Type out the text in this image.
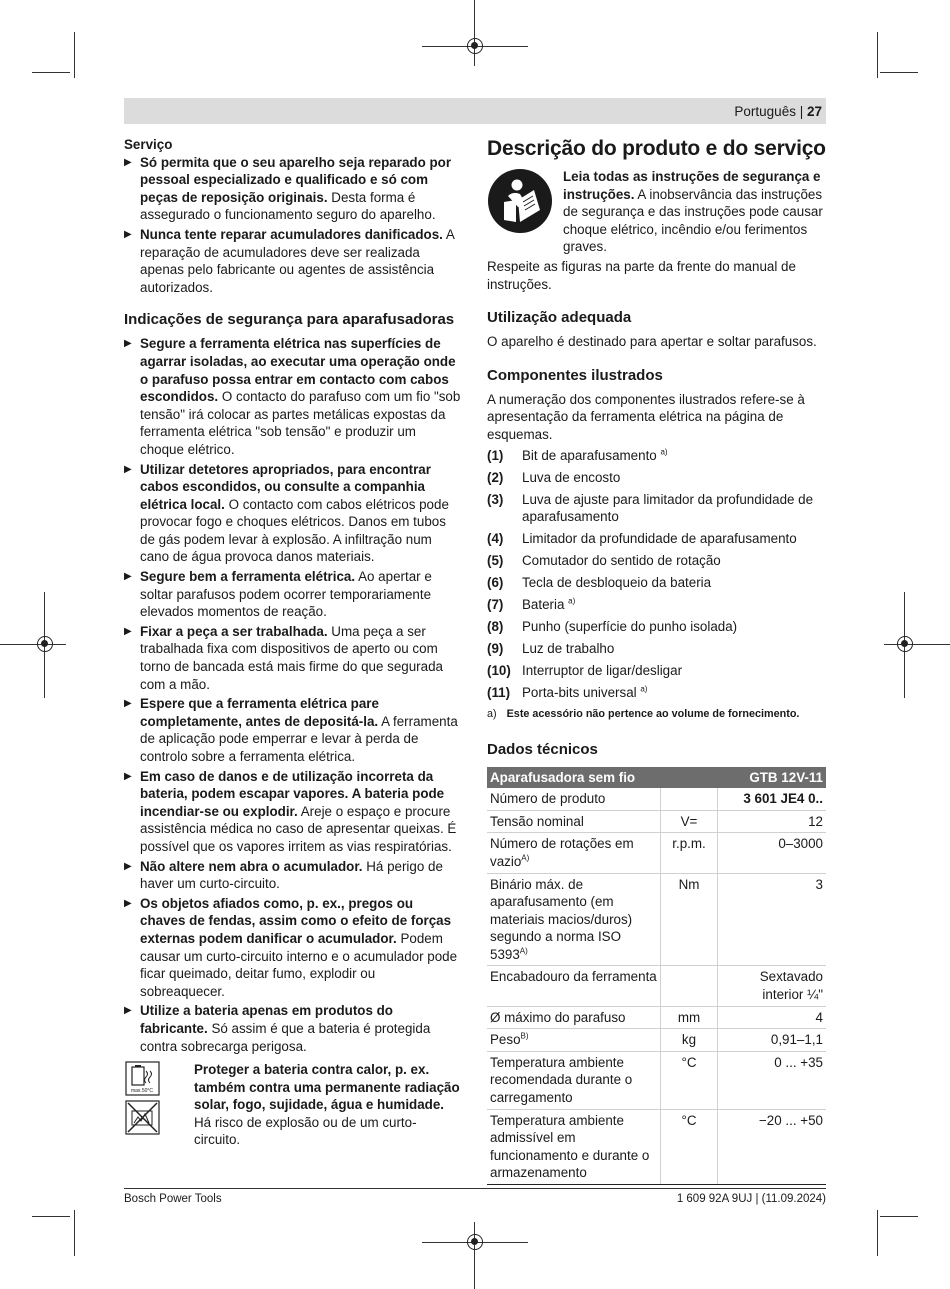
Português | 27
Serviço

▶ Só permita que o seu aparelho seja reparado por pessoal especializado e qualificado e só com peças de reposição originais. Desta forma é assegurado o funcionamento seguro do aparelho.

▶ Nunca tente reparar acumuladores danificados. A reparação de acumuladores deve ser realizada apenas pelo fabricante ou agentes de assistência autorizados.

Indicações de segurança para aparafusadoras

▶ Segure a ferramenta elétrica nas superfícies de agarrar isoladas, ao executar uma operação onde o parafuso possa entrar em contacto com cabos escondidos. O contacto do parafuso com um fio "sob tensão" irá colocar as partes metálicas expostas da ferramenta elétrica "sob tensão" e produzir um choque elétrico.

▶ Utilizar detetores apropriados, para encontrar cabos escondidos, ou consulte a companhia elétrica local. O contacto com cabos elétricos pode provocar fogo e choques elétricos. Danos em tubos de gás podem levar à explosão. A infiltração num cano de água provoca danos materiais.

▶ Segure bem a ferramenta elétrica. Ao apertar e soltar parafusos podem ocorrer temporariamente elevados momentos de reação.

▶ Fixar a peça a ser trabalhada. Uma peça a ser trabalhada fixa com dispositivos de aperto ou com torno de bancada está mais firme do que segurada com a mão.

▶ Espere que a ferramenta elétrica pare completamente, antes de depositá-la. A ferramenta de aplicação pode emperrar e levar à perda de controlo sobre a ferramenta elétrica.

▶ Em caso de danos e de utilização incorreta da bateria, podem escapar vapores. A bateria pode incendiar-se ou explodir. Areje o espaço e procure assistência médica no caso de apresentar queixas. É possível que os vapores irritem as vias respiratórias.

▶ Não altere nem abra o acumulador. Há perigo de haver um curto-circuito.

▶ Os objetos afiados como, p. ex., pregos ou chaves de fendas, assim como o efeito de forças externas podem danificar o acumulador. Podem causar um curto-circuito interno e o acumulador pode ficar queimado, deitar fumo, explodir ou sobreaquecer.

▶ Utilize a bateria apenas em produtos do fabricante. Só assim é que a bateria é protegida contra sobrecarga perigosa.

max.50°C

Proteger a bateria contra calor, p. ex. também contra uma permanente radiação solar, fogo, sujidade, água e humidade. Há risco de explosão ou de um curto-circuito.

Descrição do produto e do serviço

Leia todas as instruções de segurança e instruções. A inobservância das instruções de segurança e das instruções pode causar choque elétrico, incêndio e/ou ferimentos graves.

Respeite as figuras na parte da frente do manual de instruções.

Utilização adequada

O aparelho é destinado para apertar e soltar parafusos.

Componentes ilustrados

A numeração dos componentes ilustrados refere-se à apresentação da ferramenta elétrica na página de esquemas.

(1)	Bit de aparafusamento $^{a)}$
(2)	Luva de encosto
(3)	Luva de ajuste para limitador da profundidade de aparafusamento
(4)	Limitador da profundidade de aparafusamento
(5)	Comutador do sentido de rotação
(6)	Tecla de desbloqueio da bateria
(7)	Bateria $^{a)}$
(8)	Punho (superfície do punho isolada)
(9)	Luz de trabalho
(10) Interruptor de ligar/desligar
(11) Porta-bits universal $^{a)}$

a) Este acessório não pertence ao volume de fornecimento.

Dados técnicos
Aparafusadora sem fio		GTB 12V-11
Número de produto		3 601 JE4 0..
Tensão nominal	V=	12
Número de rotações em vazio$^{A)}$	r.p.m.	0–3000
Binário máx. de aparafusamento (em materiais macios/duros) segundo a norma ISO $5393^{A)}$	Nm	3
Encabadouro da ferramenta		Sextavado interior ¼"
Ø máximo do parafuso	mm	4
Peso$^{B)}$	kg	0,91–1,1
Temperatura ambiente recomendada durante o carregamento	°C	0 ... +35
Temperatura ambiente admissível em funcionamento e durante o armazenamento	°C	−20 ... +50
Bosch Power Tools	1 609 92A 9UJ | (11.09.2024)
